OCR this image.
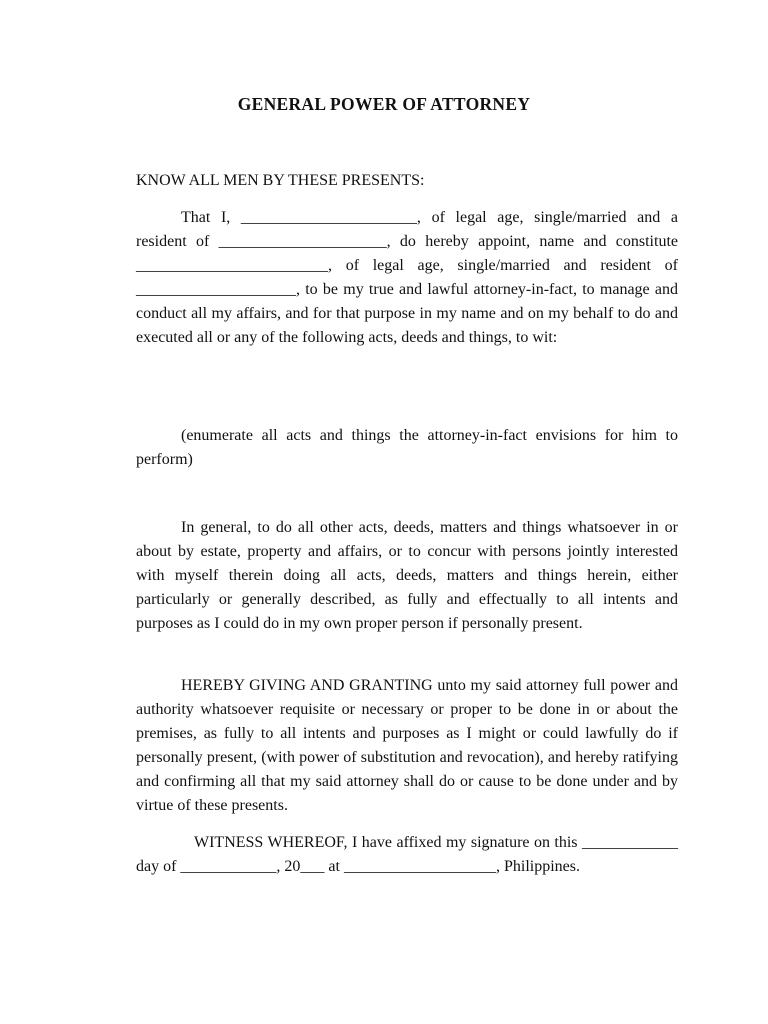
GENERAL POWER OF ATTORNEY

KNOW ALL MEN BY THESE PRESENTS:

That I, ______________________, of legal age, single/married and a resident of _____________________, do hereby appoint, name and constitute ________________________, of legal age, single/married and resident of ____________________, to be my true and lawful attorney-in-fact, to manage and conduct all my affairs, and for that purpose in my name and on my behalf to do and executed all or any of the following acts, deeds and things, to wit:

(enumerate all acts and things the attorney-in-fact envisions for him to perform)

In general, to do all other acts, deeds, matters and things whatsoever in or about by estate, property and affairs, or to concur with persons jointly interested with myself therein doing all acts, deeds, matters and things herein, either particularly or generally described, as fully and effectually to all intents and purposes as I could do in my own proper person if personally present.

HEREBY GIVING AND GRANTING unto my said attorney full power and authority whatsoever requisite or necessary or proper to be done in or about the premises, as fully to all intents and purposes as I might or could lawfully do if personally present, (with power of substitution and revocation), and hereby ratifying and confirming all that my said attorney shall do or cause to be done under and by virtue of these presents.

WITNESS WHEREOF, I have affixed my signature on this ____________ day of ____________, 20___ at ___________________, Philippines.
